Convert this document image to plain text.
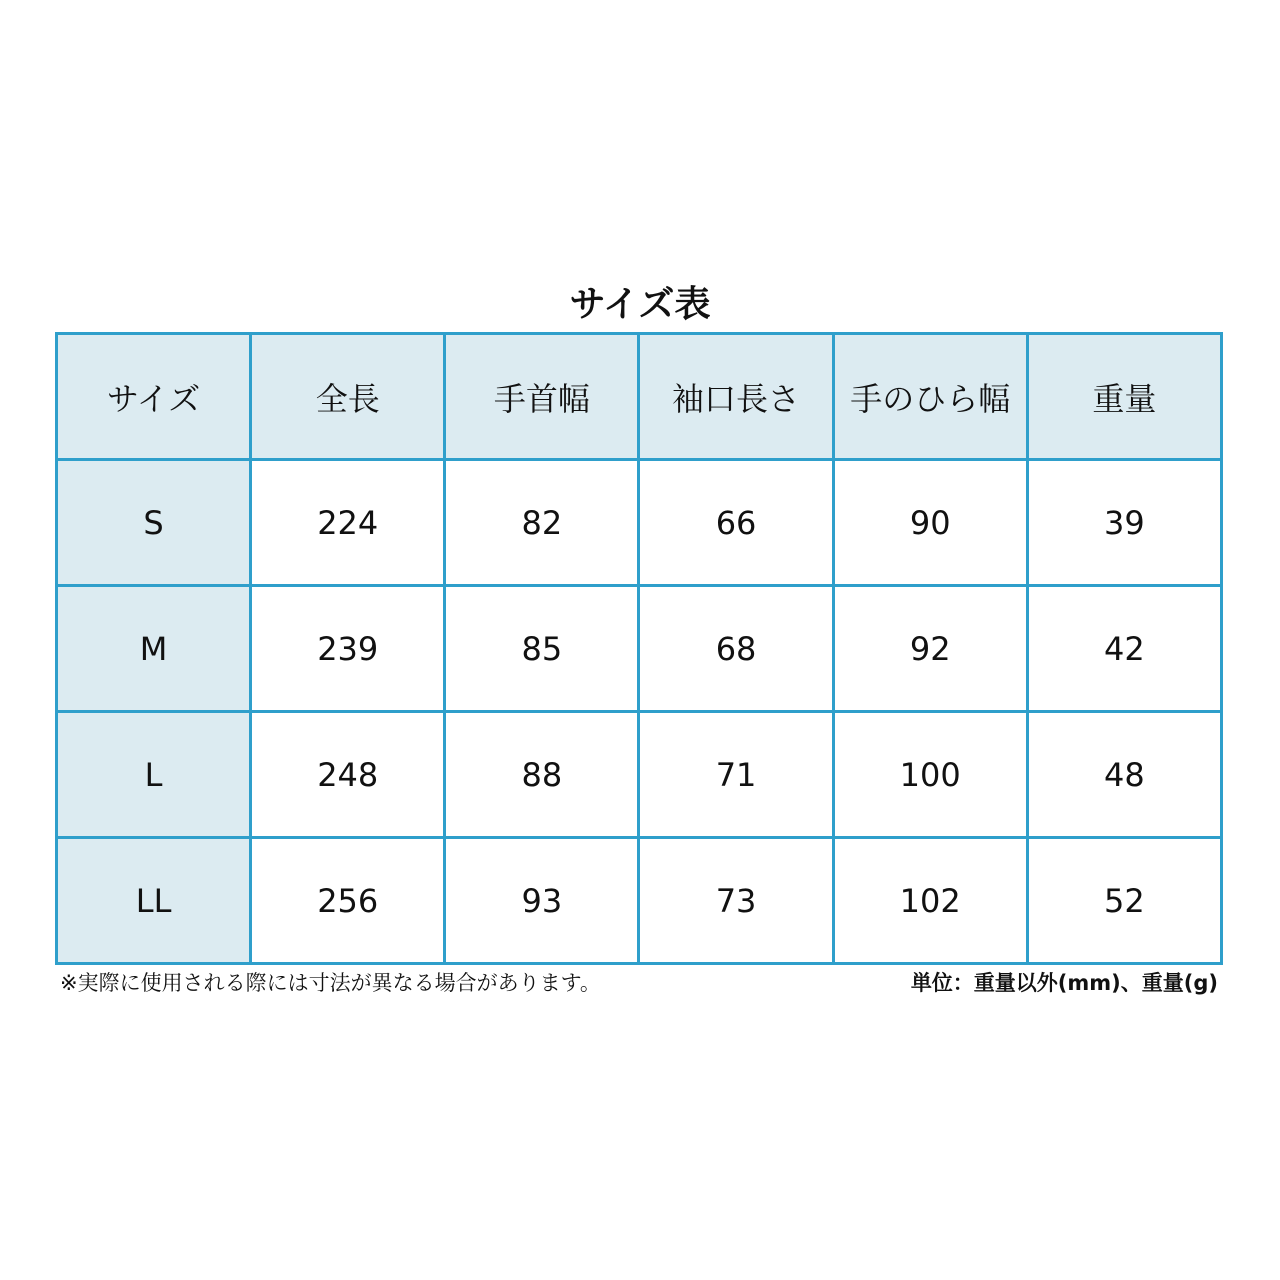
サイズ表
サイズ	全長	手首幅	袖口長さ	手のひら幅	重量
S	224	82	66	90	39
M	239	85	68	92	42
L	248	88	71	100	48
LL	256	93	73	102	52
※実際に使用される際には寸法が異なる場合があります。	単位：重量以外(mm)、重量(g)
